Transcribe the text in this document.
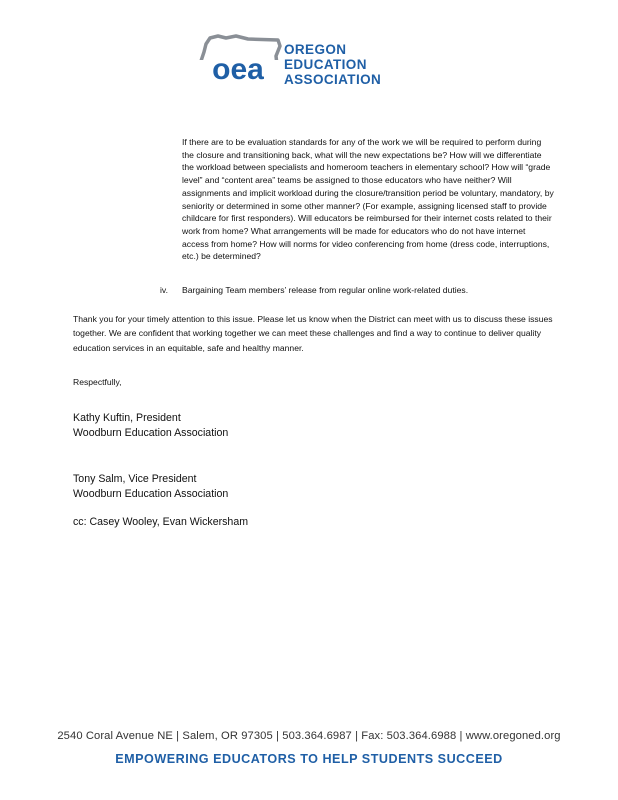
oea
OREGON
EDUCATION
ASSOCIATION
If there are to be evaluation standards for any of the work we will be required to perform during the closure and transitioning back, what will the new expectations be? How will we differentiate the workload between specialists and homeroom teachers in elementary school? How will “grade level” and “content area” teams be assigned to those educators who have neither? Will assignments and implicit workload during the closure/transition period be voluntary, mandatory, by seniority or determined in some other manner? (For example, assigning licensed staff to provide childcare for first responders). Will educators be reimbursed for their internet costs related to their work from home? What arrangements will be made for educators who do not have internet access from home? How will norms for video conferencing from home (dress code, interruptions, etc.) be determined?
iv. Bargaining Team members’ release from regular online work-related duties.
Thank you for your timely attention to this issue. Please let us know when the District can meet with us to discuss these issues together. We are confident that working together we can meet these challenges and find a way to continue to deliver quality education services in an equitable, safe and healthy manner.
Respectfully,
Kathy Kuftin, President
Woodburn Education Association
Tony Salm, Vice President
Woodburn Education Association
cc: Casey Wooley, Evan Wickersham
2540 Coral Avenue NE | Salem, OR 97305 | 503.364.6987 | Fax: 503.364.6988 | www.oregoned.org
EMPOWERING EDUCATORS TO HELP STUDENTS SUCCEED
